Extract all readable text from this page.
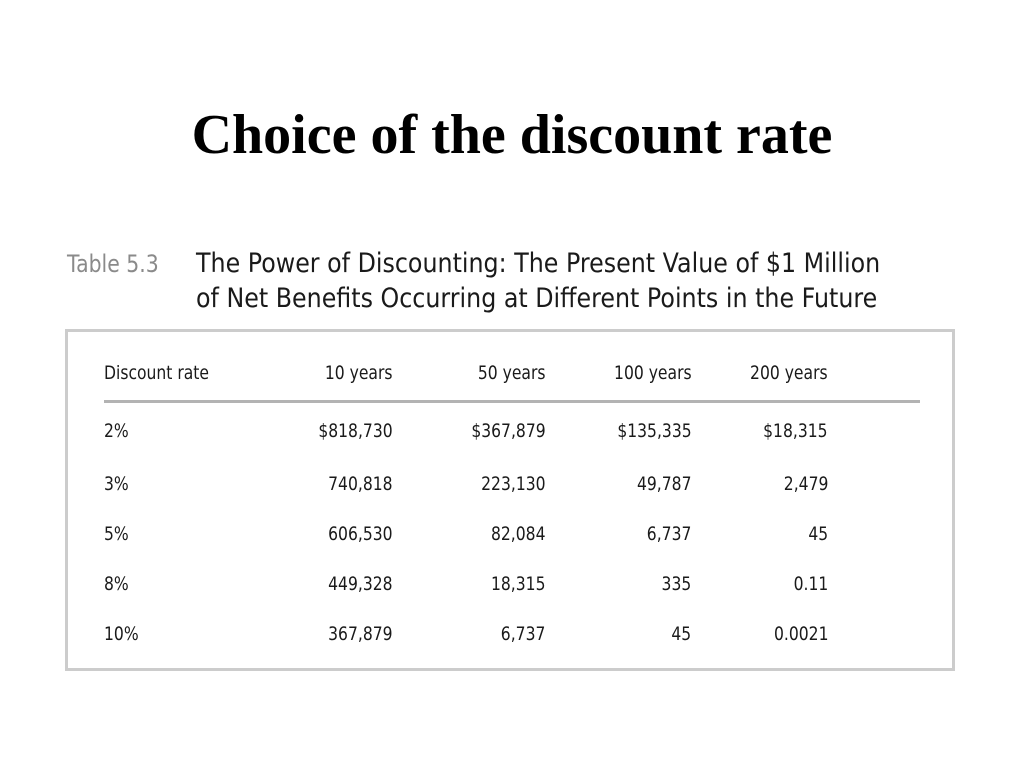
Choice of the discount rate
Table 5.3 The Power of Discounting: The Present Value of $1 Million
of Net Benefits Occurring at Different Points in the Future
Discount rate	10 years	50 years	100 years	200 years	
2%	$818,730	$367,879	$135,335	$18,315	
3%	740,818	223,130	49,787	2,479	
5%	606,530	82,084	6,737	45	
8%	449,328	18,315	335	0.11	
10%	367,879	6,737	45	0.0021	
